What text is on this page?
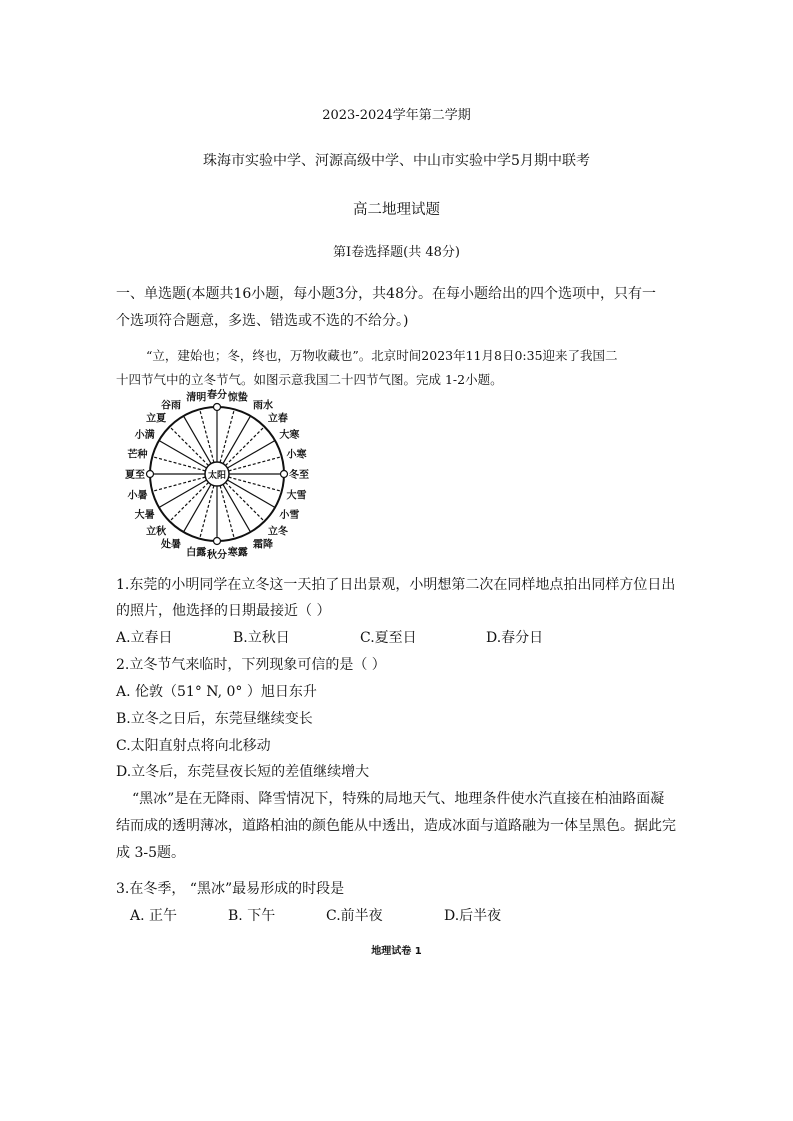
2023-2024学年第二学期
珠海市实验中学、河源高级中学、中山市实验中学5月期中联考
高二地理试题
第Ⅰ卷选择题(共 48分)
一、单选题(本题共16小题，每小题3分，共48分。在每小题给出的四个选项中，只有一
个选项符合题意，多选、错选或不选的不给分。)
“立，建始也；冬，终也，万物收藏也”。北京时间2023年11月8日0:35迎来了我国二
十四节气中的立冬节气。如图示意我国二十四节气图。完成 1-2小题。
太阳
春分 惊蛰
雨水
立春
大寒
小寒
冬至
大雪
小雪
立冬
霜降
寒露
秋分
白露
处暑
立秋
大暑
小暑
夏至
芒种
小满
立夏
谷雨
清明
1.东莞的小明同学在立冬这一天拍了日出景观，小明想第二次在同样地点拍出同样方位日出
的照片，他选择的日期最接近（ ）
A.立春日	B.立秋日	C.夏至日	D.春分日
2.立冬节气来临时，下列现象可信的是（ ）
A. 伦敦（51° N, 0° ）旭日东升
B.立冬之日后，东莞昼继续变长
C.太阳直射点将向北移动
D.立冬后，东莞昼夜长短的差值继续增大
“黑冰”是在无降雨、降雪情况下，特殊的局地天气、地理条件使水汽直接在柏油路面凝
结而成的透明薄冰，道路柏油的颜色能从中透出，造成冰面与道路融为一体呈黑色。据此完
成 3-5题。
3.在冬季， “黑冰”最易形成的时段是
A. 正午	B. 下午	C.前半夜	D.后半夜
地理试卷 1
